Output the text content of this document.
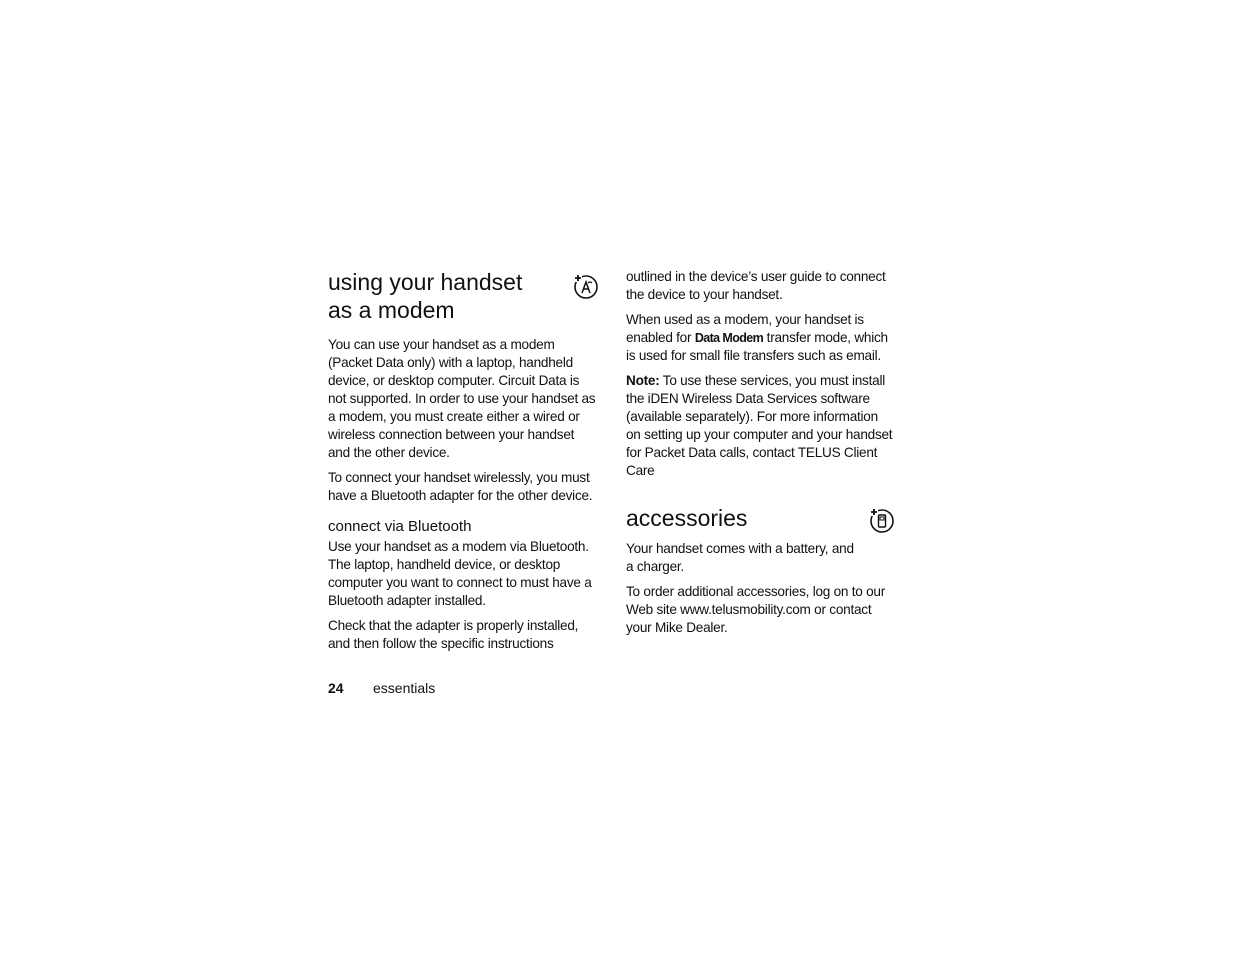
using your handset
as a modem

You can use your handset as a modem (Packet Data only) with a laptop, handheld device, or desktop computer. Circuit Data is not supported. In order to use your handset as a modem, you must create either a wired or wireless connection between your handset and the other device.

To connect your handset wirelessly, you must have a Bluetooth adapter for the other device.

connect via Bluetooth

Use your handset as a modem via Bluetooth. The laptop, handheld device, or desktop computer you want to connect to must have a Bluetooth adapter installed.

Check that the adapter is properly installed, and then follow the specific instructions

outlined in the device’s user guide to connect the device to your handset.

When used as a modem, your handset is enabled for Data Modem transfer mode, which is used for small file transfers such as email.

Note: To use these services, you must install the iDEN Wireless Data Services software (available separately). For more information on setting up your computer and your handset for Packet Data calls, contact TELUS Client Care

accessories

Your handset comes with a battery, and a charger.

To order additional accessories, log on to our Web site www.telusmobility.com or contact your Mike Dealer.

24 essentials
